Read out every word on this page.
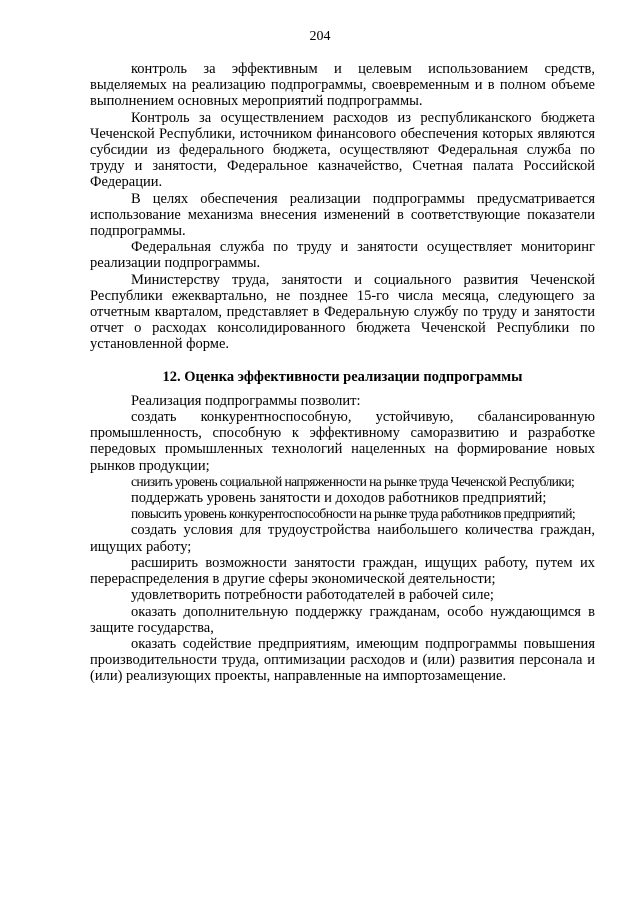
204

контроль за эффективным и целевым использованием средств, выделяемых на реализацию подпрограммы, своевременным и в полном объеме выполнением основных мероприятий подпрограммы.

Контроль за осуществлением расходов из республиканского бюджета Чеченской Республики, источником финансового обеспечения которых являются субсидии из федерального бюджета, осуществляют Федеральная служба по труду и занятости, Федеральное казначейство, Счетная палата Российской Федерации.

В целях обеспечения реализации подпрограммы предусматривается использование механизма внесения изменений в соответствующие показатели подпрограммы.

Федеральная служба по труду и занятости осуществляет мониторинг реализации подпрограммы.

Министерству труда, занятости и социального развития Чеченской Республики ежеквартально, не позднее 15-го числа месяца, следующего за отчетным кварталом, представляет в Федеральную службу по труду и занятости отчет о расходах консолидированного бюджета Чеченской Республики по установленной форме.

12. Оценка эффективности реализации подпрограммы

Реализация подпрограммы позволит:

создать конкурентноспособную, устойчивую, сбалансированную промышленность, способную к эффективному саморазвитию и разработке передовых промышленных технологий нацеленных на формирование новых рынков продукции;

снизить уровень социальной напряженности на рынке труда Чеченской Республики;

поддержать уровень занятости и доходов работников предприятий;

повысить уровень конкурентоспособности на рынке труда работников предприятий;

создать условия для трудоустройства наибольшего количества граждан, ищущих работу;

расширить возможности занятости граждан, ищущих работу, путем их перераспределения в другие сферы экономической деятельности;

удовлетворить потребности работодателей в рабочей силе;

оказать дополнительную поддержку гражданам, особо нуждающимся в защите государства,

оказать содействие предприятиям, имеющим подпрограммы повышения производительности труда, оптимизации расходов и (или) развития персонала и (или) реализующих проекты, направленные на импортозамещение.
